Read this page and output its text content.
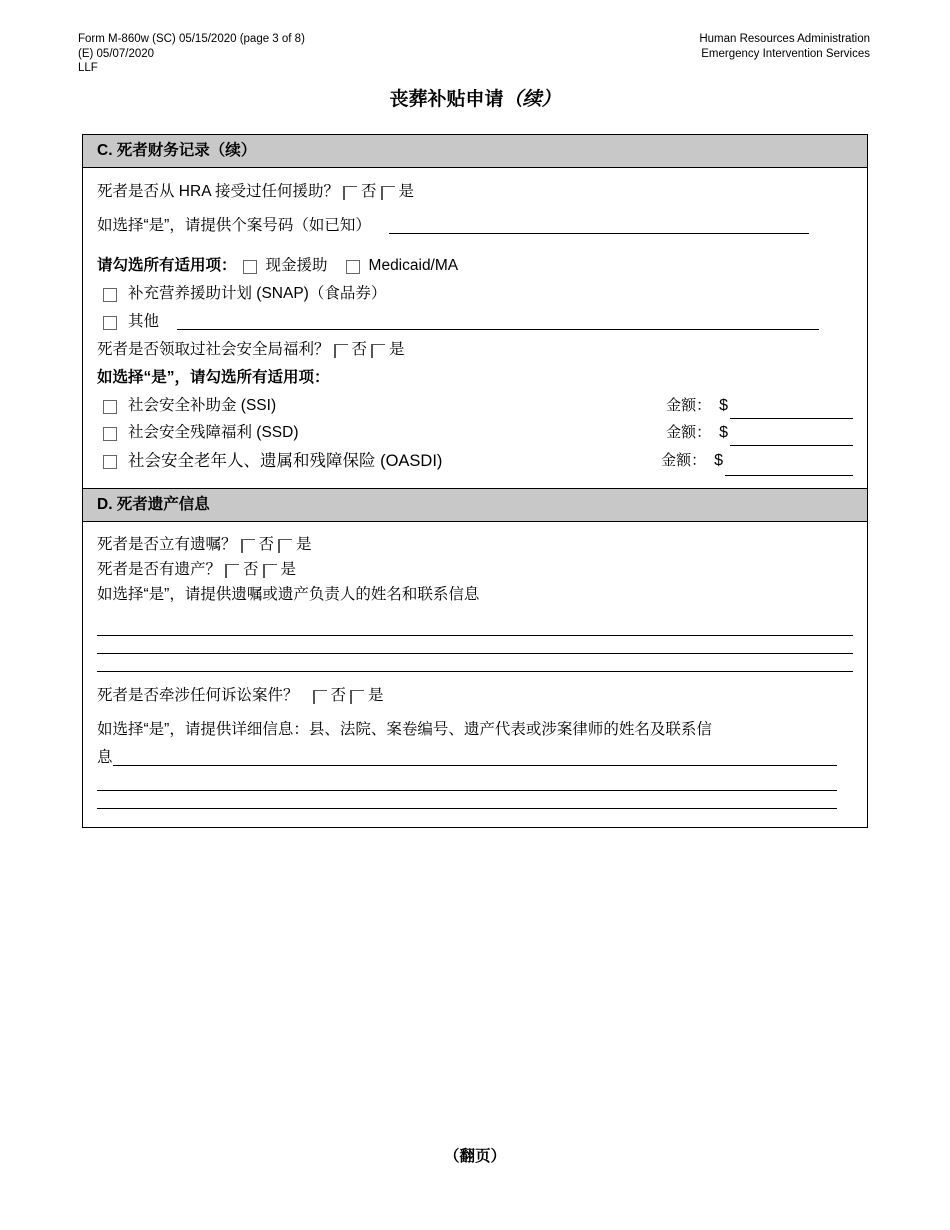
Form M-860w (SC) 05/15/2020 (page 3 of 8)
(E) 05/07/2020
LLF
Human Resources Administration
Emergency Intervention Services
丧葬补贴申请（续）
C. 死者财务记录（续）
死者是否从 HRA 接受过任何援助？ 否 是
如选择“是”，请提供个案号码（如已知）
请勾选所有适用项： 现金援助	Medicaid/MA
补充营养援助计划 (SNAP)（食品券）
其他
死者是否领取过社会安全局福利？ 否 是
如选择“是”，请勾选所有适用项：
社会安全补助金 (SSI)	金额： $
社会安全残障福利 (SSD)	金额： $
社会安全老年人、遗属和残障保险 (OASDI)	金额： $
D. 死者遗产信息
死者是否立有遗嘱？ 否 是
死者是否有遗产？ 否 是
如选择“是”，请提供遗嘱或遗产负责人的姓名和联系信息
死者是否牵涉任何诉讼案件？ 否 是
如选择“是”，请提供详细信息：县、法院、案卷编号、遗产代表或涉案律师的姓名及联系信
息
（翻页）
